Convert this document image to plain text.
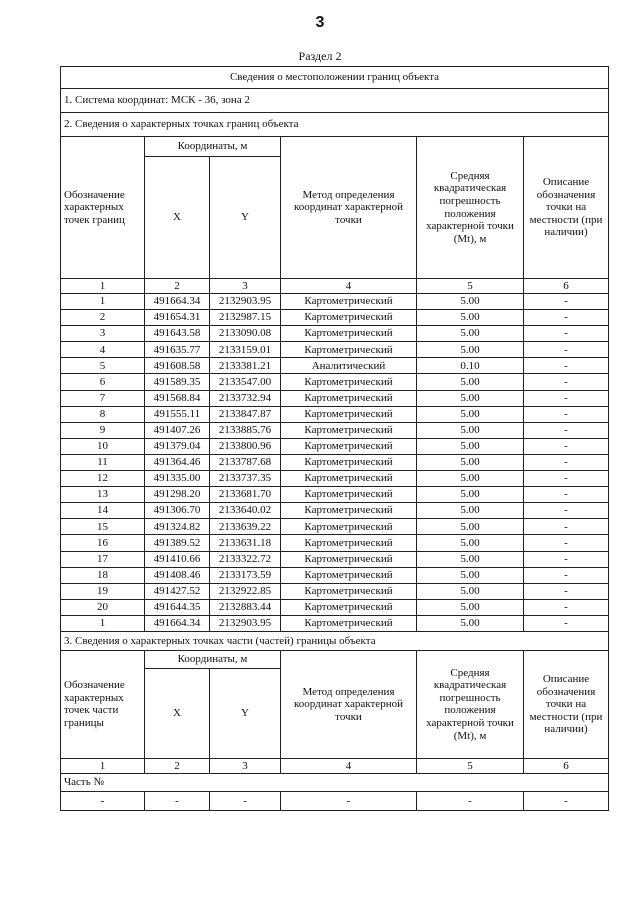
3
Раздел 2
Сведения о местоположении границ объекта					
1. Система координат: МСК - 36, зона 2					
2. Сведения о характерных точках границ объекта					
Обозначение характерных точек границ	Координаты, м		Метод определения координат характерной точки	Средняя квадратическая погрешность положения характерной точки (Mt), м	Описание обозначения точки на местности (при наличии)
	X	Y			
1	2	3	4	5	6
1	491664.34	2132903.95	Картометрический	5.00	-
2	491654.31	2132987.15	Картометрический	5.00	-
3	491643.58	2133090.08	Картометрический	5.00	-
4	491635.77	2133159.01	Картометрический	5.00	-
5	491608.58	2133381.21	Аналитический	0.10	-
6	491589.35	2133547.00	Картометрический	5.00	-
7	491568.84	2133732.94	Картометрический	5.00	-
8	491555.11	2133847.87	Картометрический	5.00	-
9	491407.26	2133885.76	Картометрический	5.00	-
10	491379.04	2133800.96	Картометрический	5.00	-
11	491364.46	2133787.68	Картометрический	5.00	-
12	491335.00	2133737.35	Картометрический	5.00	-
13	491298.20	2133681.70	Картометрический	5.00	-
14	491306.70	2133640.02	Картометрический	5.00	-
15	491324.82	2133639.22	Картометрический	5.00	-
16	491389.52	2133631.18	Картометрический	5.00	-
17	491410.66	2133322.72	Картометрический	5.00	-
18	491408.46	2133173.59	Картометрический	5.00	-
19	491427.52	2132922.85	Картометрический	5.00	-
20	491644.35	2132883.44	Картометрический	5.00	-
1	491664.34	2132903.95	Картометрический	5.00	-
3. Сведения о характерных точках части (частей) границы объекта					
Обозначение характерных точек части границы	Координаты, м		Метод определения координат характерной точки	Средняя квадратическая погрешность положения характерной точки (Mt), м	Описание обозначения точки на местности (при наличии)
	X	Y			
1	2	3	4	5	6
Часть №					
-	-	-	-	-	-
